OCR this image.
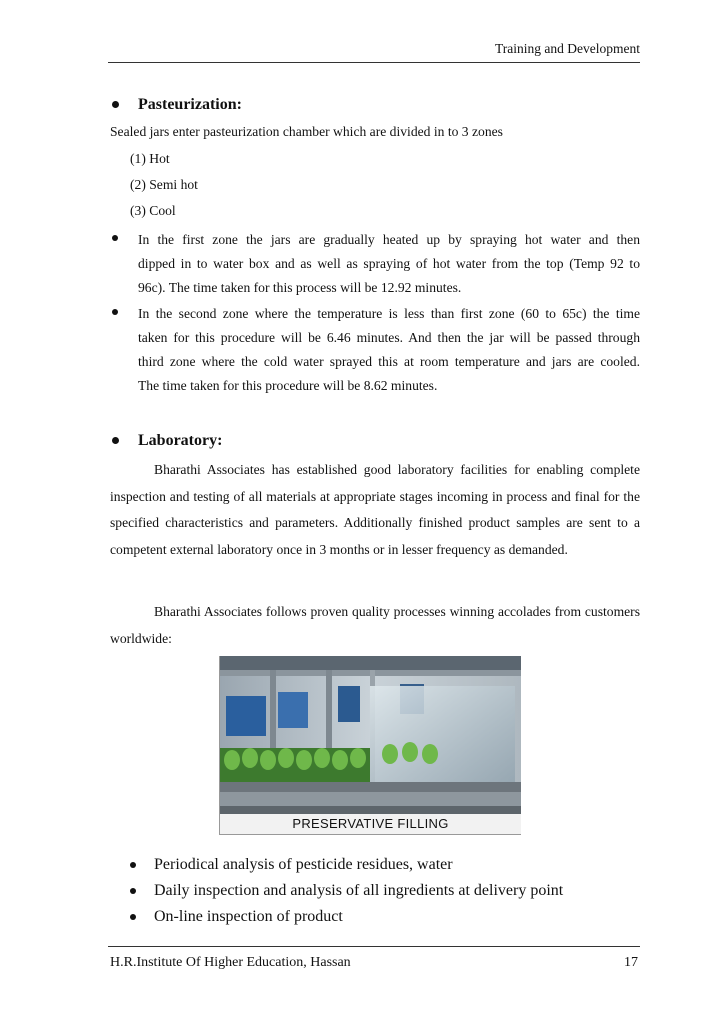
Training and Development
Pasteurization:
Sealed jars enter pasteurization chamber which are divided in to 3 zones
(1) Hot
(2) Semi hot
(3) Cool
In the first zone the jars are gradually heated up by spraying hot water and then
dipped in to water box and as well as spraying of hot water from the top (Temp 92 to
96c). The time taken for this process will be 12.92 minutes.
In the second zone where the temperature is less than first zone (60 to 65c) the time
taken for this procedure will be 6.46 minutes. And then the jar will be passed through
third zone where the cold water sprayed this at room temperature and jars are cooled.
The time taken for this procedure will be 8.62 minutes.
Laboratory:
Bharathi Associates has established good laboratory facilities for enabling complete inspection and testing of all materials at appropriate stages incoming in process and final for the specified characteristics and parameters. Additionally finished product samples are sent to a competent external laboratory once in 3 months or in lesser frequency as demanded.
Bharathi Associates follows proven quality processes winning accolades from customers worldwide:
PRESERVATIVE FILLING
Periodical analysis of pesticide residues, water
Daily inspection and analysis of all ingredients at delivery point
On-line inspection of product
H.R.Institute Of Higher Education, Hassan	17
